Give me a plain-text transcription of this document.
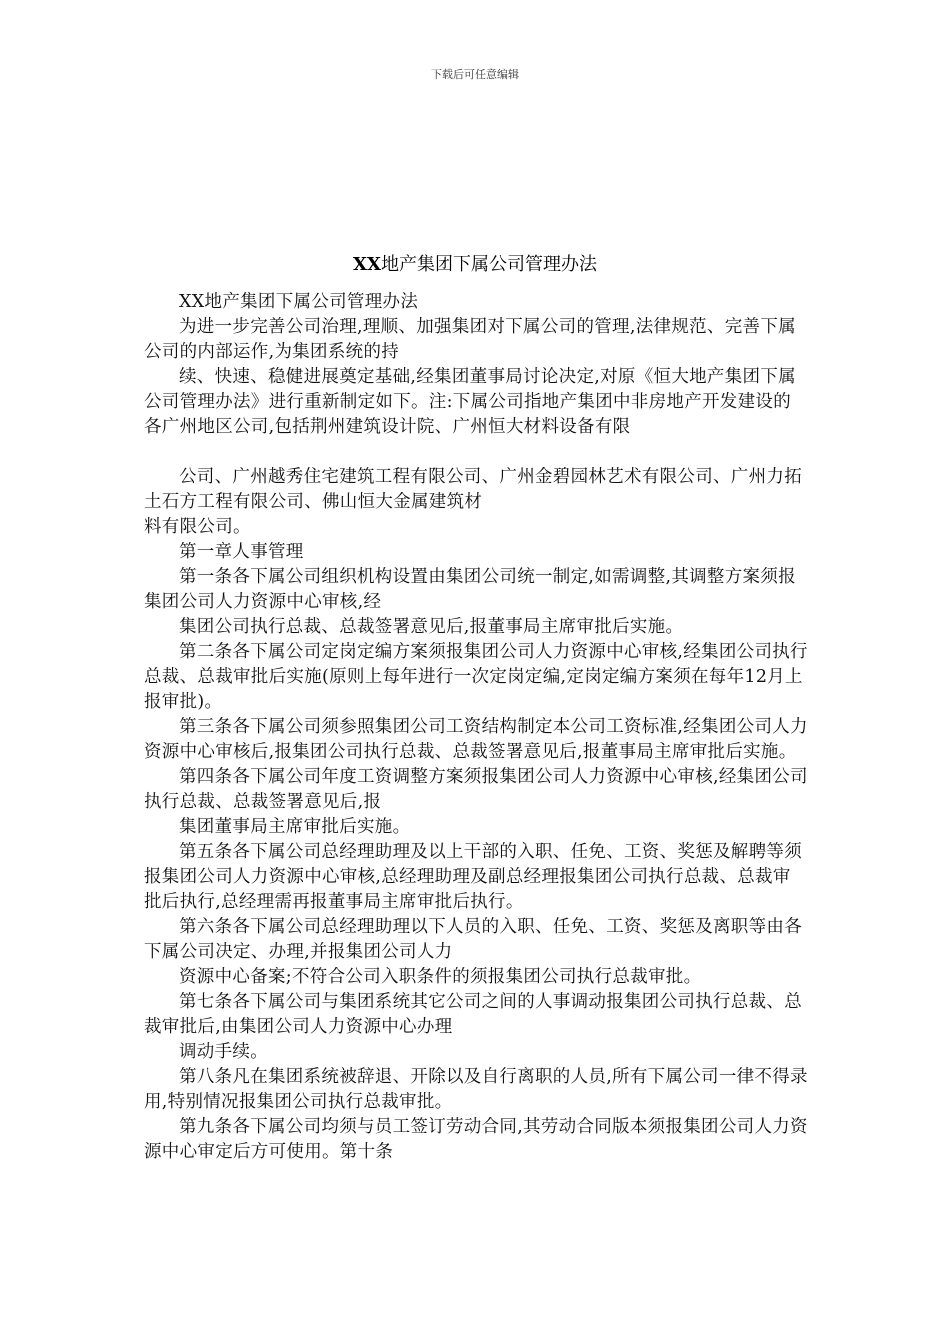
下载后可任意编辑
XX地产集团下属公司管理办法

XX地产集团下属公司管理办法

为进一步完善公司治理,理顺、加强集团对下属公司的管理,法律规范、完善下属公司的内部运作,为集团系统的持

续、快速、稳健进展奠定基础,经集团董事局讨论决定,对原《恒大地产集团下属公司管理办法》进行重新制定如下。注:下属公司指地产集团中非房地产开发建设的各广州地区公司,包括荆州建筑设计院、广州恒大材料设备有限

公司、广州越秀住宅建筑工程有限公司、广州金碧园林艺术有限公司、广州力拓土石方工程有限公司、佛山恒大金属建筑材

料有限公司。

第一章人事管理

第一条各下属公司组织机构设置由集团公司统一制定,如需调整,其调整方案须报集团公司人力资源中心审核,经

集团公司执行总裁、总裁签署意见后,报董事局主席审批后实施。

第二条各下属公司定岗定编方案须报集团公司人力资源中心审核,经集团公司执行总裁、总裁审批后实施(原则上每年进行一次定岗定编,定岗定编方案须在每年12月上报审批)。

第三条各下属公司须参照集团公司工资结构制定本公司工资标准,经集团公司人力资源中心审核后,报集团公司执行总裁、总裁签署意见后,报董事局主席审批后实施。

第四条各下属公司年度工资调整方案须报集团公司人力资源中心审核,经集团公司执行总裁、总裁签署意见后,报

集团董事局主席审批后实施。

第五条各下属公司总经理助理及以上干部的入职、任免、工资、奖惩及解聘等须报集团公司人力资源中心审核,总经理助理及副总经理报集团公司执行总裁、总裁审批后执行,总经理需再报董事局主席审批后执行。

第六条各下属公司总经理助理以下人员的入职、任免、工资、奖惩及离职等由各下属公司决定、办理,并报集团公司人力

资源中心备案;不符合公司入职条件的须报集团公司执行总裁审批。

第七条各下属公司与集团系统其它公司之间的人事调动报集团公司执行总裁、总裁审批后,由集团公司人力资源中心办理

调动手续。

第八条凡在集团系统被辞退、开除以及自行离职的人员,所有下属公司一律不得录用,特别情况报集团公司执行总裁审批。

第九条各下属公司均须与员工签订劳动合同,其劳动合同版本须报集团公司人力资源中心审定后方可使用。第十条
